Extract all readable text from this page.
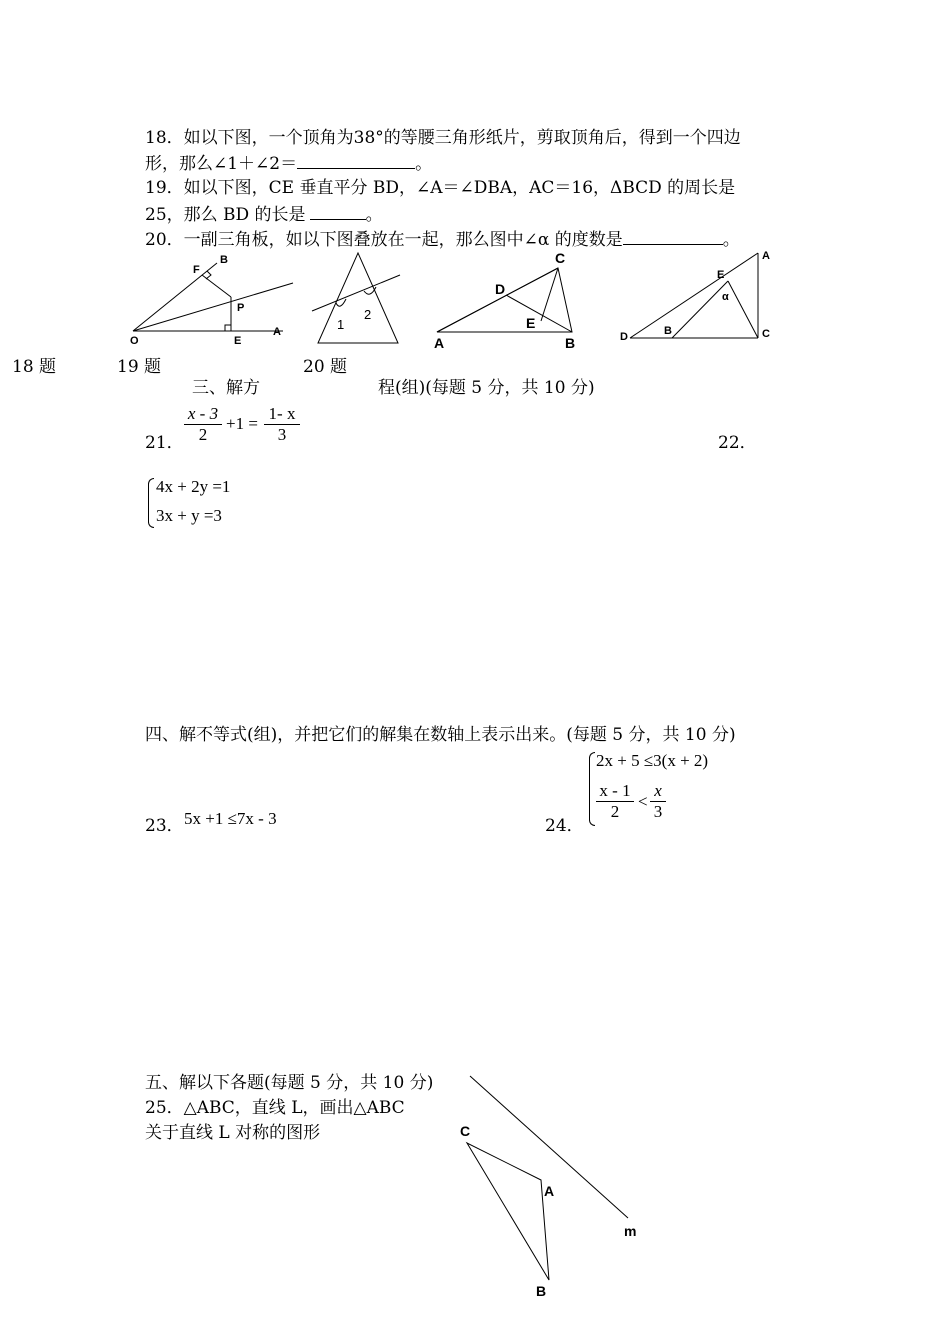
18．如以下图，一个顶角为38°的等腰三角形纸片，剪取顶角后，得到一个四边
形，那么∠1＋∠2＝	。
19．如以下图，CE 垂直平分 BD，∠A＝∠DBA，AC＝16，ΔBCD 的周长是
25，那么 BD 的长是	。
20．一副三角板，如以下图叠放在一起，那么图中∠α 的度数是	。
B
F
P
O	E
A	1
2
C
D
E
A	B
A
E
α
D	B	C
18 题	19 题	20 题
三、解方	程(组)(每题 5 分，共 10 分)
21． $\frac{x - 3}{2} +1 = \frac{1- x}{3}$	22．
4x + 2y =1
3x + y =3
四、解不等式(组)，并把它们的解集在数轴上表示出来。(每题 5 分，共 10 分)
23． 5x +1 ≤7x - 3	24．
2x + 5 ≤3(x + 2)
$\frac{x - 1}{2} < \frac{x}{3}$
五、解以下各题(每题 5 分，共 10 分)
25．△ABC，直线 L，画出△ABC
关于直线 L 对称的图形	C
A
B
m
